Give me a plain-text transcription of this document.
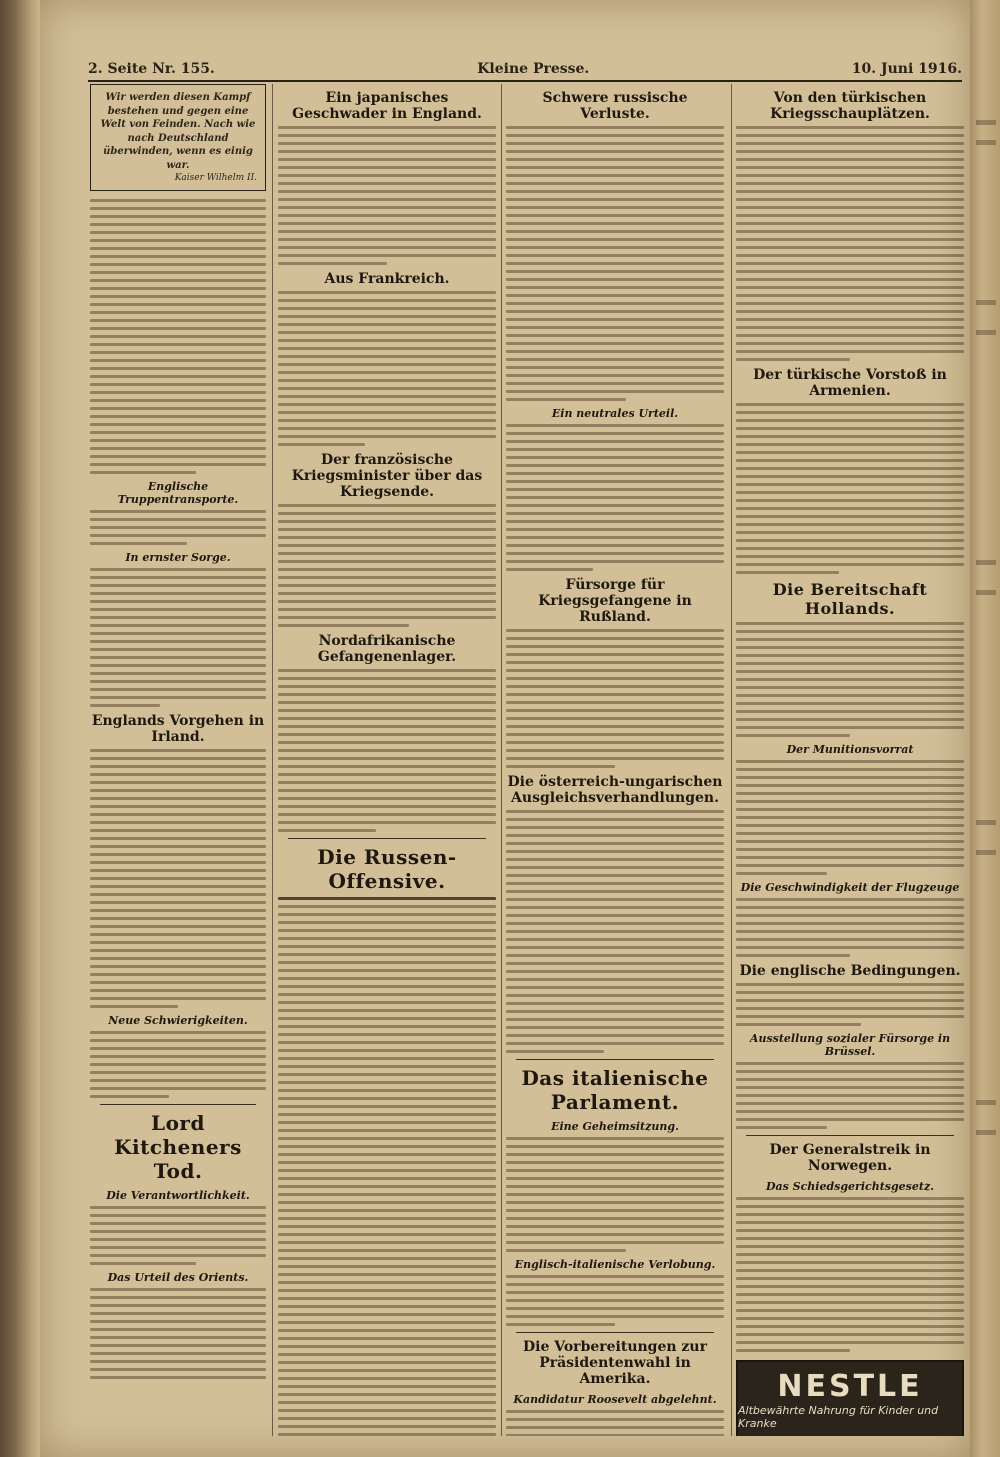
2. Seite Nr. 155.	Kleine Presse.	10. Juni 1916.
Wir werden diesen Kampf bestehen und gegen eine Welt von Feinden. Nach wie nach Deutschland überwinden, wenn es einig war.
Kaiser Wilhelm II.
Englische Truppentransporte.
In ernster Sorge.
Englands Vorgehen in Irland.
Neue Schwierigkeiten.
Lord Kitcheners Tod.
Die Verantwortlichkeit.
Das Urteil des Orients.
Ein japanisches Geschwader in England.
Aus Frankreich.
Der französische Kriegsminister über das Kriegsende.
Nordafrikanische Gefangenenlager.
Die Russen-Offensive.
Schwere russische Verluste.
Ein neutrales Urteil.
Fürsorge für Kriegsgefangene in Rußland.
Die österreich-ungarischen Ausgleichsverhandlungen.
Das italienische Parlament.
Eine Geheimsitzung.
Englisch-italienische Verlobung.
Die Vorbereitungen zur Präsidentenwahl in Amerika.
Kandidatur Roosevelt abgelehnt.
Von den türkischen Kriegsschauplätzen.
Der türkische Vorstoß in Armenien.
Die Bereitschaft Hollands.
Der Munitionsvorrat
Die Geschwindigkeit der Flugzeuge
Die englische Bedingungen.
Ausstellung sozialer Fürsorge in Brüssel.
Der Generalstreik in Norwegen.
Das Schiedsgerichtsgesetz.
NESTLE
Altbewährte Nahrung für Kinder und Kranke
